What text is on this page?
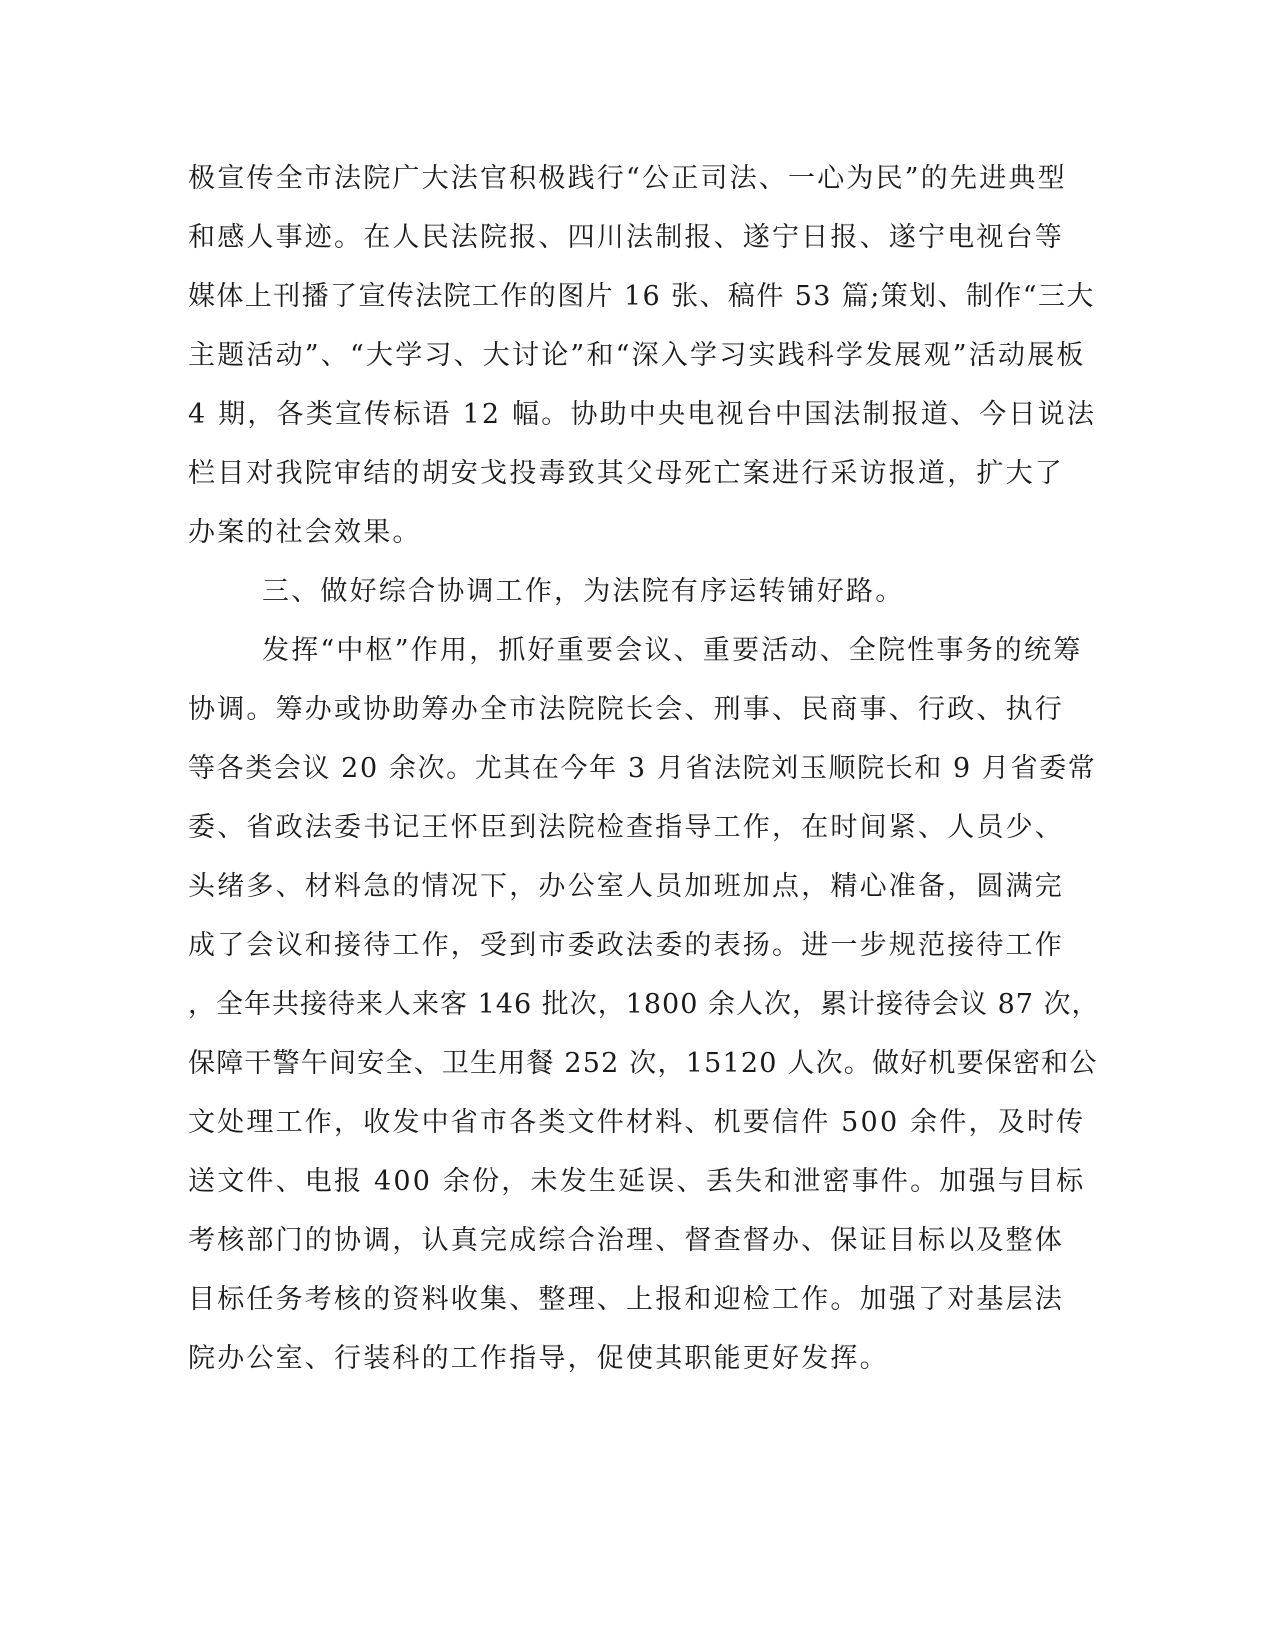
极宣传全市法院广大法官积极践行“公正司法、一心为民”的先进典型
和感人事迹。在人民法院报、四川法制报、遂宁日报、遂宁电视台等
媒体上刊播了宣传法院工作的图片 16 张、稿件 53 篇;策划、制作“三大
主题活动”、“大学习、大讨论”和“深入学习实践科学发展观”活动展板
4 期，各类宣传标语 12 幅。协助中央电视台中国法制报道、今日说法
栏目对我院审结的胡安戈投毒致其父母死亡案进行采访报道，扩大了
办案的社会效果。
三、做好综合协调工作，为法院有序运转铺好路。
发挥“中枢”作用，抓好重要会议、重要活动、全院性事务的统筹
协调。筹办或协助筹办全市法院院长会、刑事、民商事、行政、执行
等各类会议 20 余次。尤其在今年 3 月省法院刘玉顺院长和 9 月省委常
委、省政法委书记王怀臣到法院检查指导工作，在时间紧、人员少、
头绪多、材料急的情况下，办公室人员加班加点，精心准备，圆满完
成了会议和接待工作，受到市委政法委的表扬。进一步规范接待工作
，全年共接待来人来客 146 批次，1800 余人次，累计接待会议 87 次，
保障干警午间安全、卫生用餐 252 次，15120 人次。做好机要保密和公
文处理工作，收发中省市各类文件材料、机要信件 500 余件，及时传
送文件、电报 400 余份，未发生延误、丢失和泄密事件。加强与目标
考核部门的协调，认真完成综合治理、督查督办、保证目标以及整体
目标任务考核的资料收集、整理、上报和迎检工作。加强了对基层法
院办公室、行装科的工作指导，促使其职能更好发挥。
